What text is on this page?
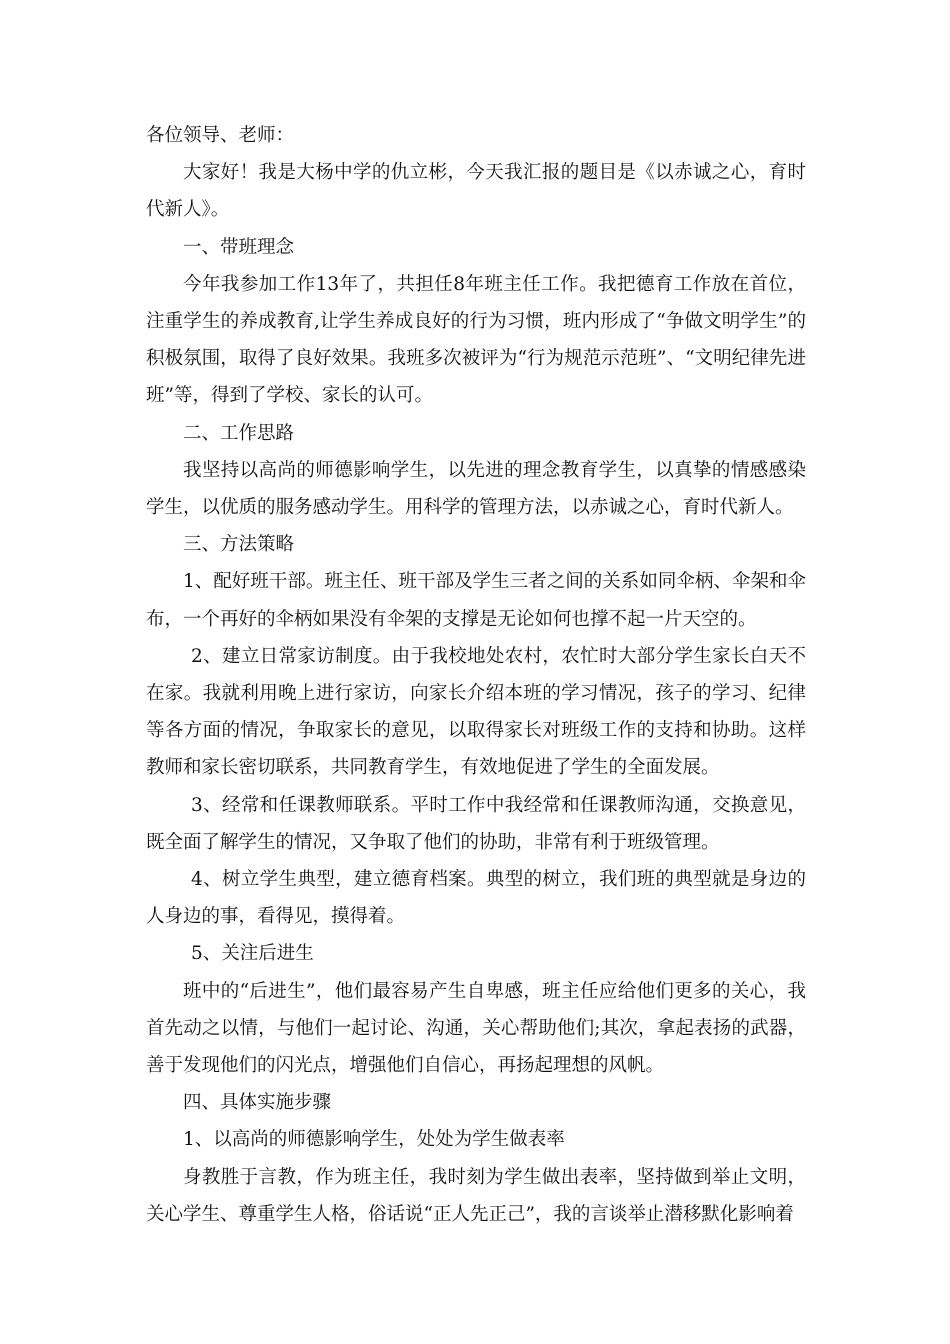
各位领导、老师：

大家好！我是大杨中学的仇立彬，今天我汇报的题目是《以赤诚之心，育时代新人》。

一、带班理念

今年我参加工作13年了，共担任8年班主任工作。我把德育工作放在首位，注重学生的养成教育,让学生养成良好的行为习惯，班内形成了“争做文明学生”的积极氛围，取得了良好效果。我班多次被评为“行为规范示范班”、“文明纪律先进班”等，得到了学校、家长的认可。

二、工作思路

我坚持以高尚的师德影响学生，以先进的理念教育学生，以真挚的情感感染学生，以优质的服务感动学生。用科学的管理方法，以赤诚之心，育时代新人。

三、方法策略

1、配好班干部。班主任、班干部及学生三者之间的关系如同伞柄、伞架和伞布，一个再好的伞柄如果没有伞架的支撑是无论如何也撑不起一片天空的。

2、建立日常家访制度。由于我校地处农村，农忙时大部分学生家长白天不在家。我就利用晚上进行家访，向家长介绍本班的学习情况，孩子的学习、纪律等各方面的情况，争取家长的意见，以取得家长对班级工作的支持和协助。这样教师和家长密切联系，共同教育学生，有效地促进了学生的全面发展。

3、经常和任课教师联系。平时工作中我经常和任课教师沟通，交换意见，既全面了解学生的情况，又争取了他们的协助，非常有利于班级管理。

4、树立学生典型，建立德育档案。典型的树立，我们班的典型就是身边的人身边的事，看得见，摸得着。

5、关注后进生

班中的“后进生”，他们最容易产生自卑感，班主任应给他们更多的关心，我首先动之以情，与他们一起讨论、沟通，关心帮助他们;其次，拿起表扬的武器，善于发现他们的闪光点，增强他们自信心，再扬起理想的风帆。

四、具体实施步骤

1、以高尚的师德影响学生，处处为学生做表率

身教胜于言教，作为班主任，我时刻为学生做出表率，坚持做到举止文明，关心学生、尊重学生人格，俗话说“正人先正己”，我的言谈举止潜移默化影响着
